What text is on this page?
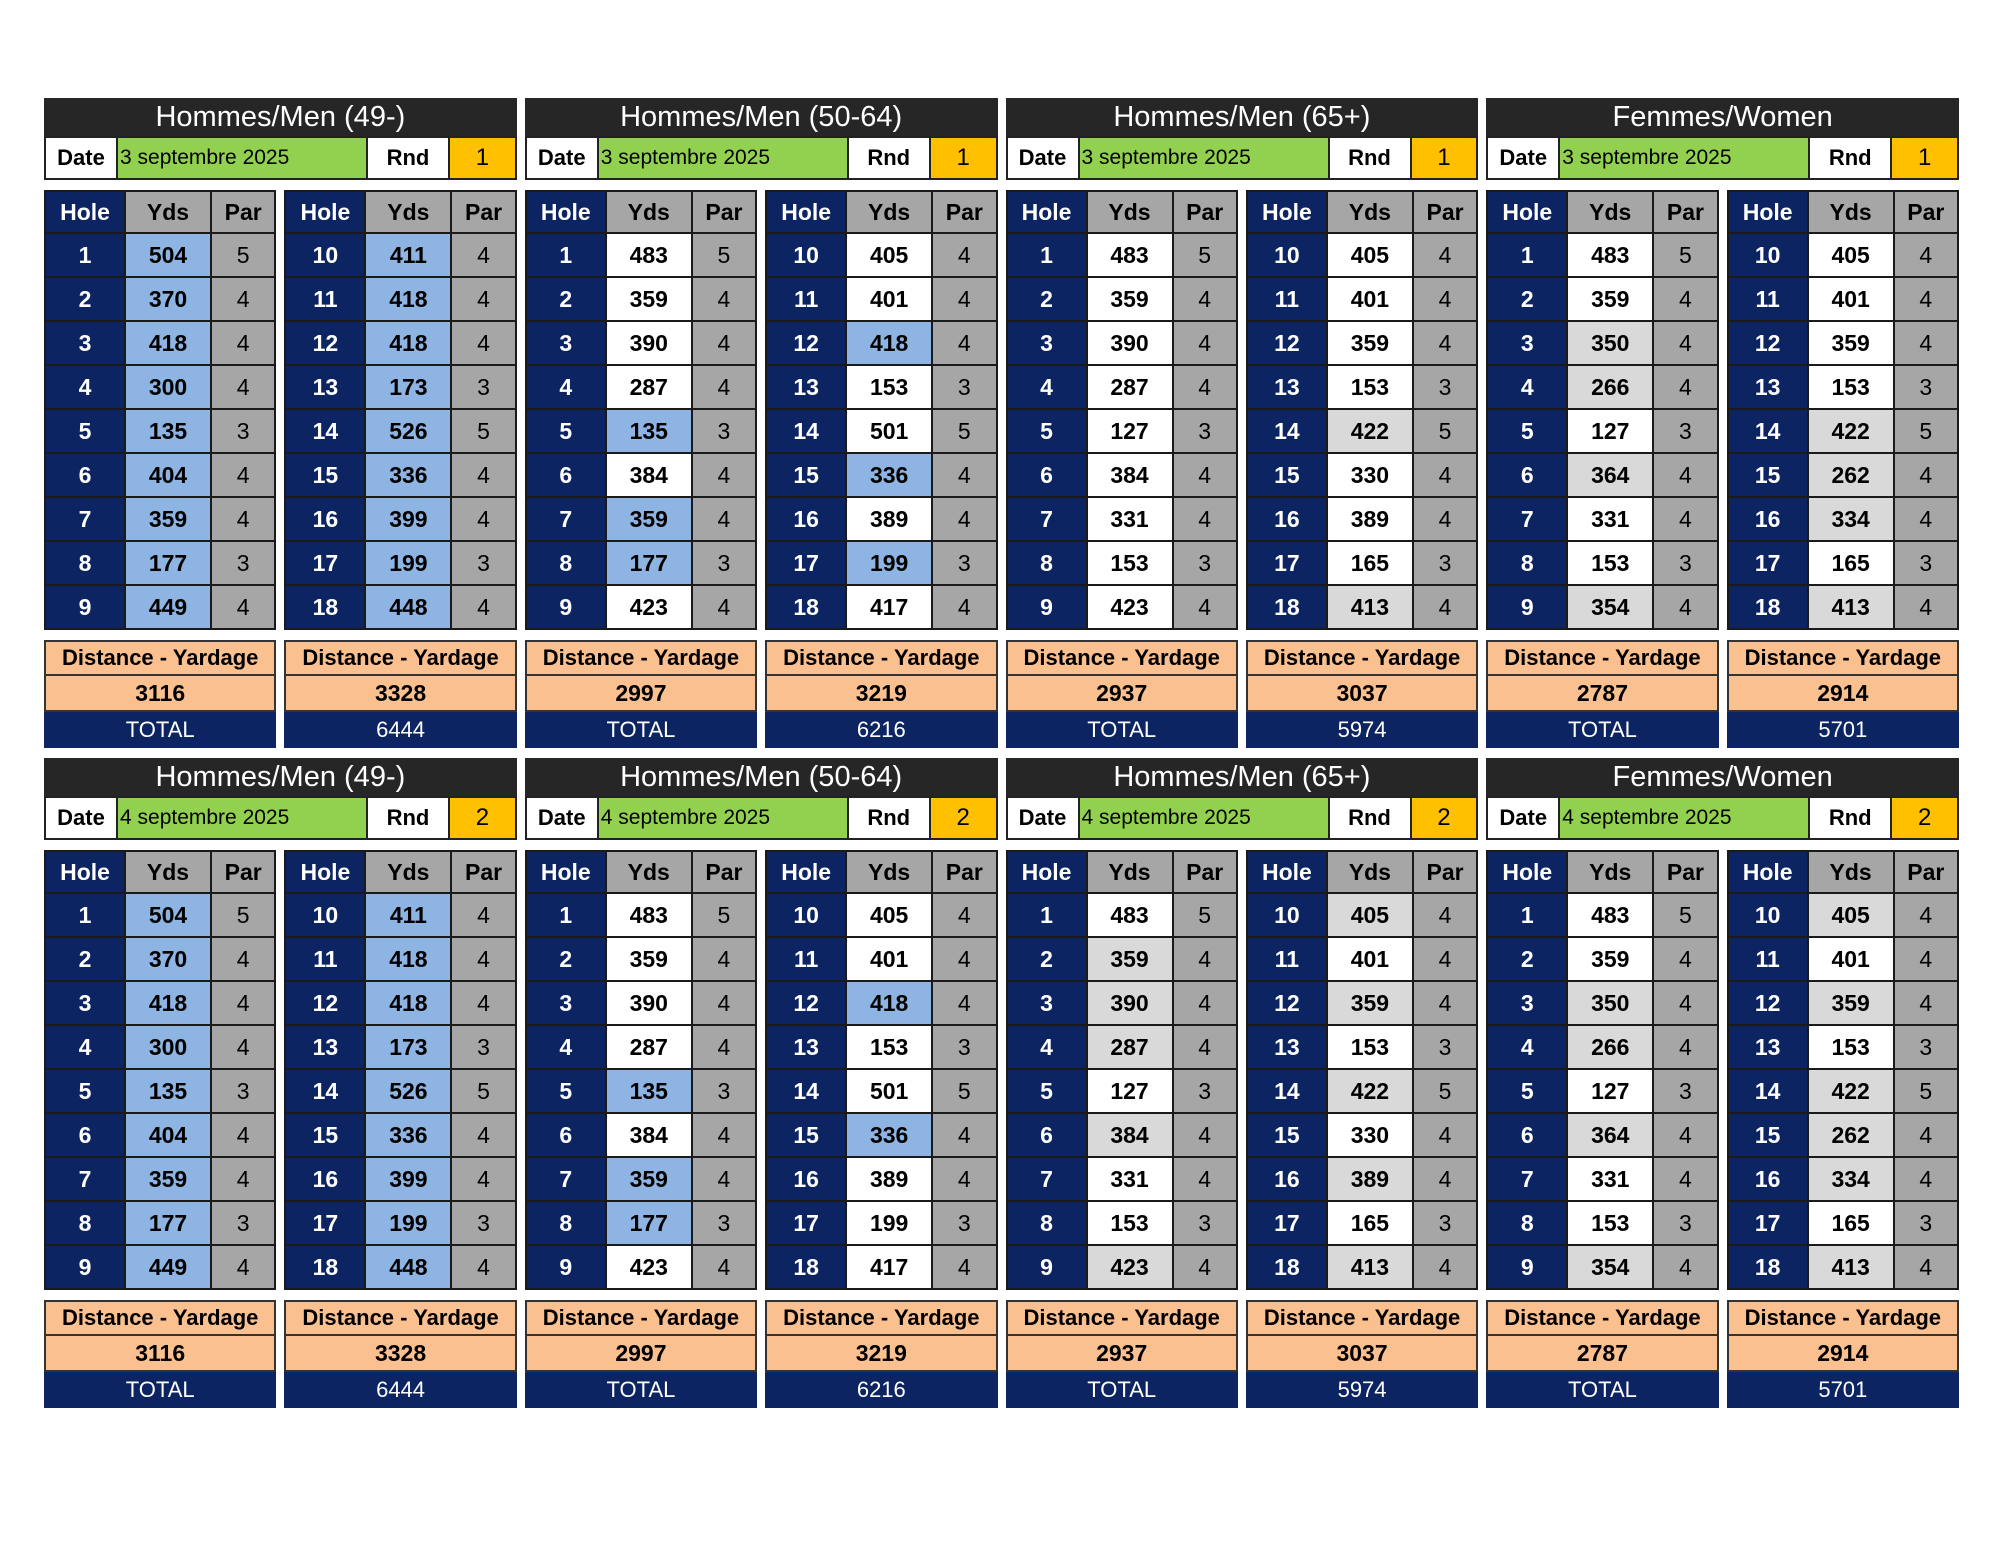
Hommes/Men (49-)
Date 3 septembre 2025	Rnd	1
Hole	Yds	Par
1	504	5
2	370	4
3	418	4
4	300	4
5	135	3
6	404	4
7	359	4
8	177	3
9	449	4
Distance - Yardage
3116
TOTAL
Hole	Yds	Par
10	411	4
11	418	4
12	418	4
13	173	3
14	526	5
15	336	4
16	399	4
17	199	3
18	448	4
Distance - Yardage
3328
6444
Hommes/Men (50-64)
Date 3 septembre 2025	Rnd	1
Hole	Yds	Par
1	483	5
2	359	4
3	390	4
4	287	4
5	135	3
6	384	4
7	359	4
8	177	3
9	423	4
Distance - Yardage
2997
TOTAL
Hole	Yds	Par
10	405	4
11	401	4
12	418	4
13	153	3
14	501	5
15	336	4
16	389	4
17	199	3
18	417	4
Distance - Yardage
3219
6216
Hommes/Men (65+)
Date 3 septembre 2025	Rnd	1
Hole	Yds	Par
1	483	5
2	359	4
3	390	4
4	287	4
5	127	3
6	384	4
7	331	4
8	153	3
9	423	4
Distance - Yardage
2937
TOTAL
Hole	Yds	Par
10	405	4
11	401	4
12	359	4
13	153	3
14	422	5
15	330	4
16	389	4
17	165	3
18	413	4
Distance - Yardage
3037
5974
Femmes/Women
Date 3 septembre 2025	Rnd	1
Hole	Yds	Par
1	483	5
2	359	4
3	350	4
4	266	4
5	127	3
6	364	4
7	331	4
8	153	3
9	354	4
Distance - Yardage
2787
TOTAL
Hole	Yds	Par
10	405	4
11	401	4
12	359	4
13	153	3
14	422	5
15	262	4
16	334	4
17	165	3
18	413	4
Distance - Yardage
2914
5701
Hommes/Men (49-)
Date 4 septembre 2025	Rnd	2
Hole	Yds	Par
1	504	5
2	370	4
3	418	4
4	300	4
5	135	3
6	404	4
7	359	4
8	177	3
9	449	4
Distance - Yardage
3116
TOTAL
Hole	Yds	Par
10	411	4
11	418	4
12	418	4
13	173	3
14	526	5
15	336	4
16	399	4
17	199	3
18	448	4
Distance - Yardage
3328
6444
Hommes/Men (50-64)
Date 4 septembre 2025	Rnd	2
Hole	Yds	Par
1	483	5
2	359	4
3	390	4
4	287	4
5	135	3
6	384	4
7	359	4
8	177	3
9	423	4
Distance - Yardage
2997
TOTAL
Hole	Yds	Par
10	405	4
11	401	4
12	418	4
13	153	3
14	501	5
15	336	4
16	389	4
17	199	3
18	417	4
Distance - Yardage
3219
6216
Hommes/Men (65+)
Date 4 septembre 2025	Rnd	2
Hole	Yds	Par
1	483	5
2	359	4
3	390	4
4	287	4
5	127	3
6	384	4
7	331	4
8	153	3
9	423	4
Distance - Yardage
2937
TOTAL
Hole	Yds	Par
10	405	4
11	401	4
12	359	4
13	153	3
14	422	5
15	330	4
16	389	4
17	165	3
18	413	4
Distance - Yardage
3037
5974
Femmes/Women
Date 4 septembre 2025	Rnd	2
Hole	Yds	Par
1	483	5
2	359	4
3	350	4
4	266	4
5	127	3
6	364	4
7	331	4
8	153	3
9	354	4
Distance - Yardage
2787
TOTAL
Hole	Yds	Par
10	405	4
11	401	4
12	359	4
13	153	3
14	422	5
15	262	4
16	334	4
17	165	3
18	413	4
Distance - Yardage
2914
5701
